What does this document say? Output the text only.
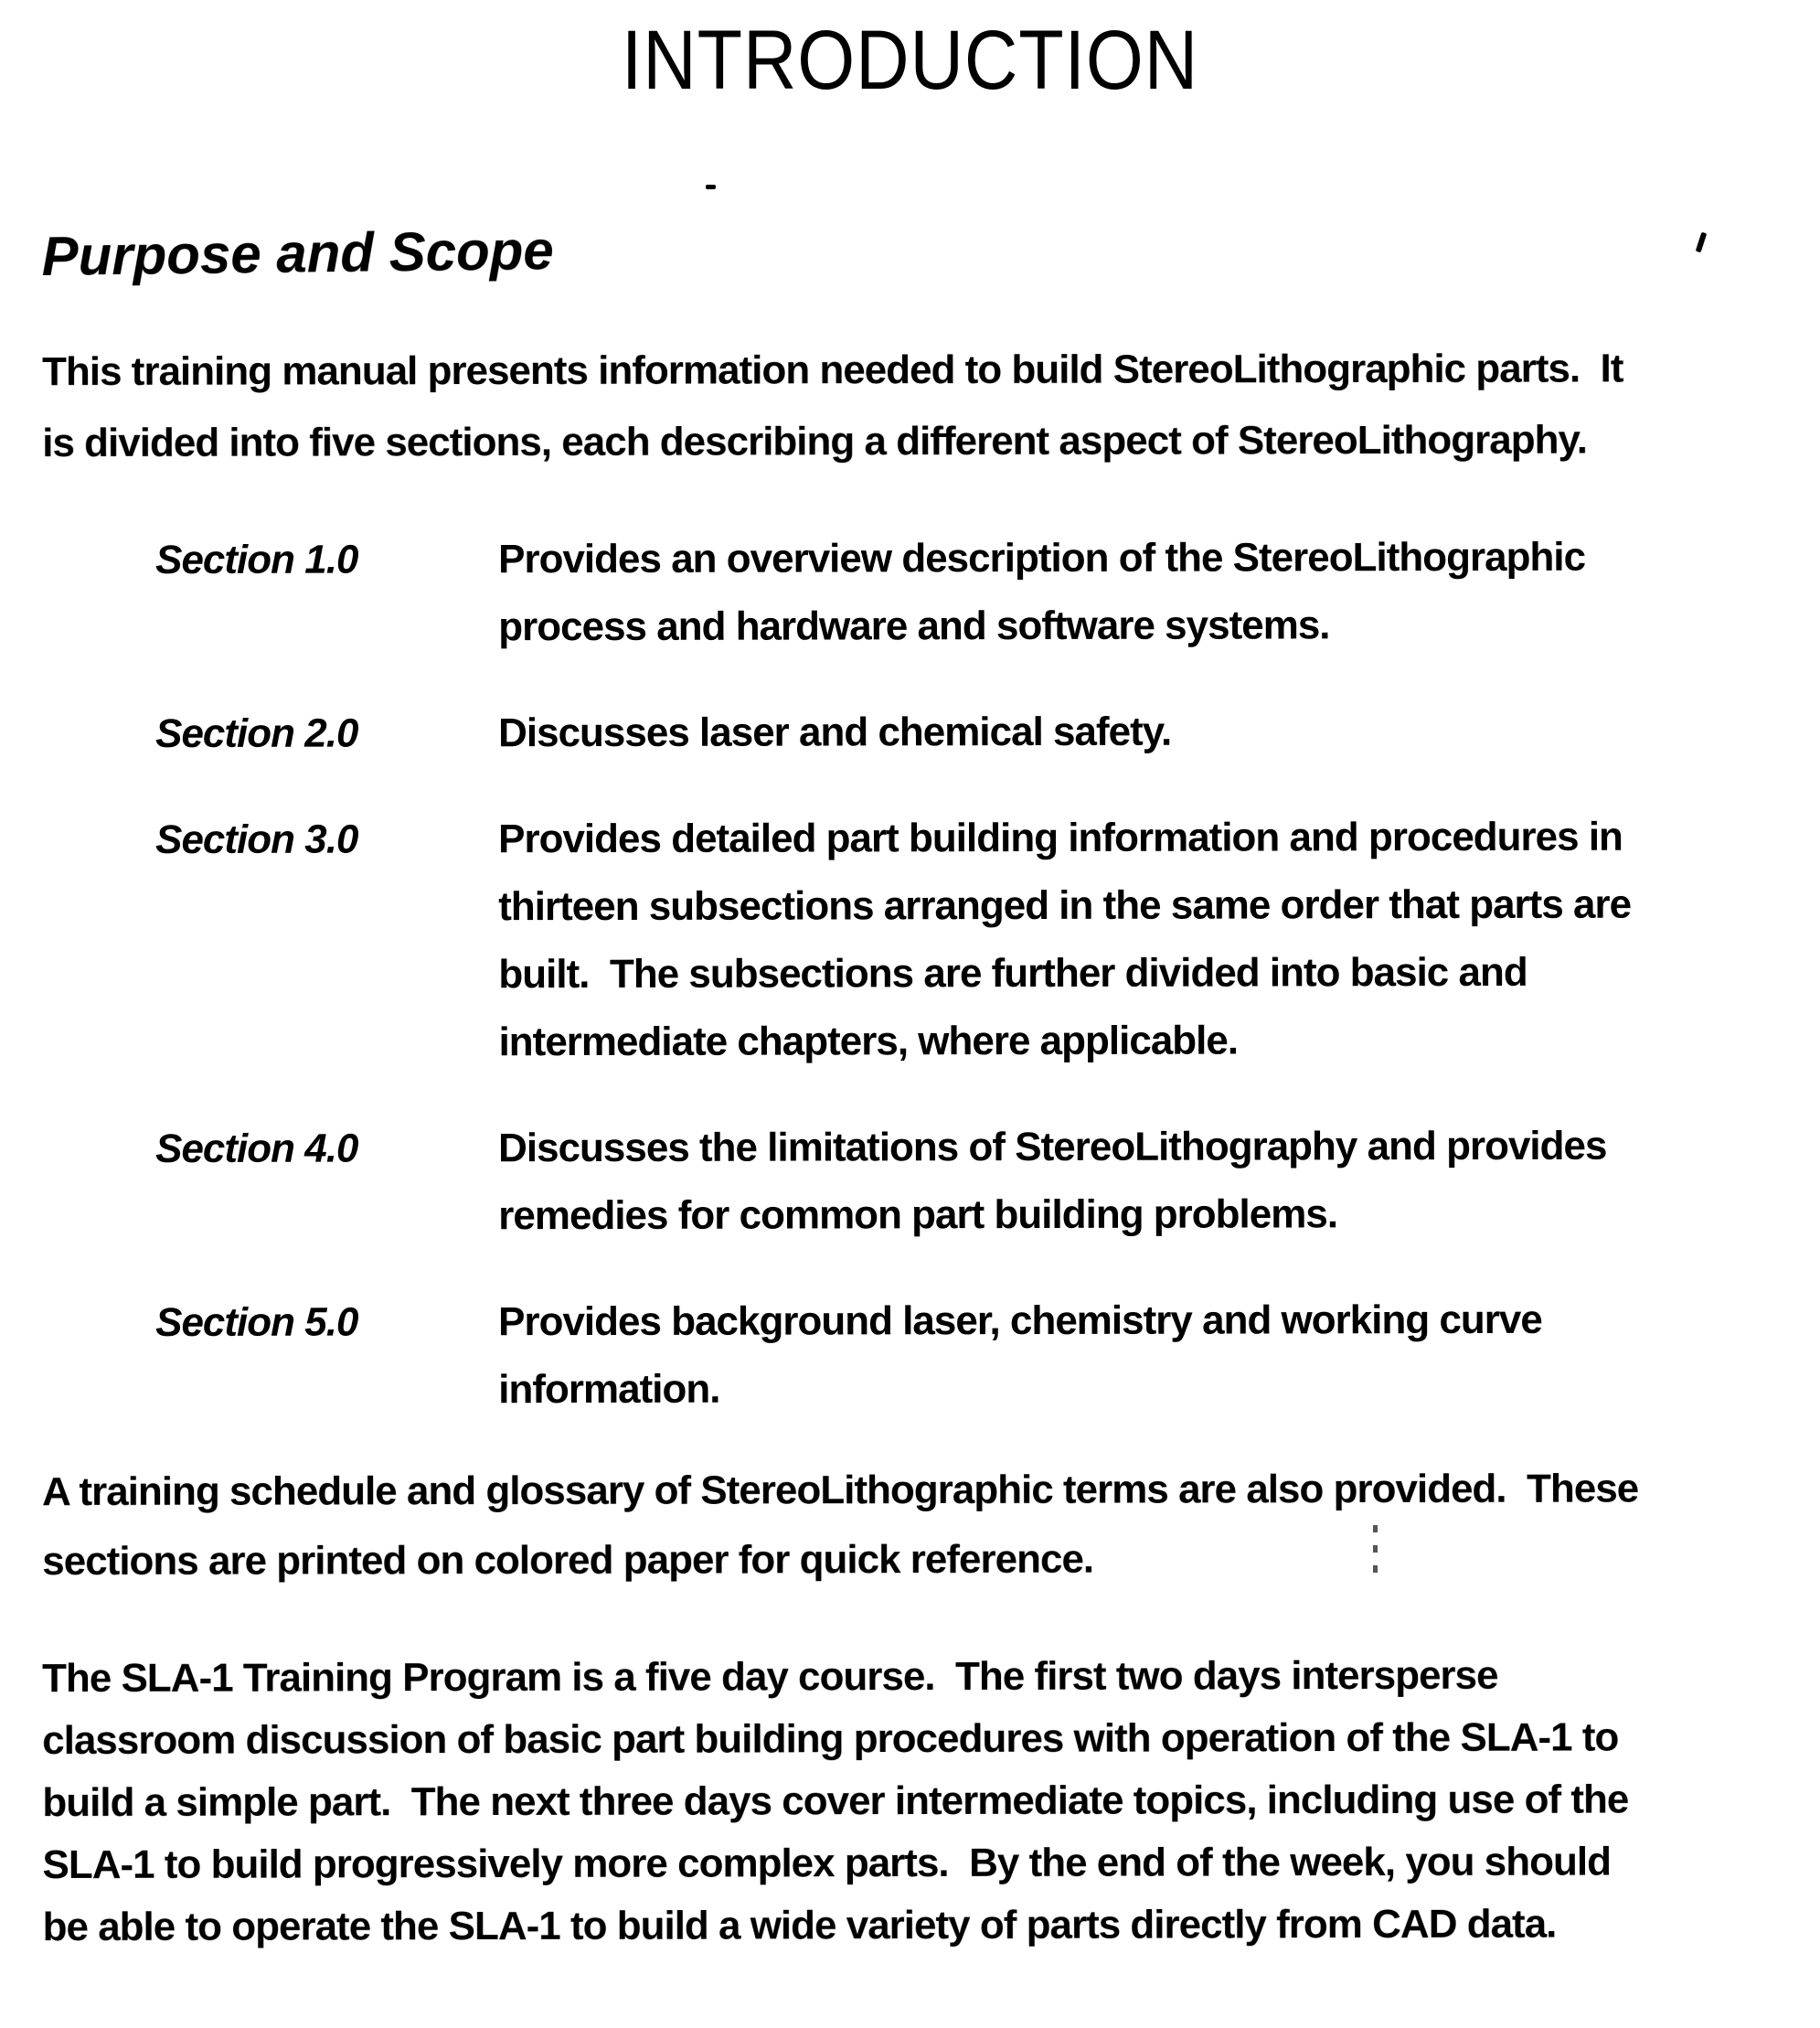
INTRODUCTION
Purpose and Scope
This training manual presents information needed to build StereoLithographic parts.  It
is divided into five sections, each describing a different aspect of StereoLithography.
Section 1.0	Provides an overview description of the StereoLithographic
process and hardware and software systems.
Section 2.0	Discusses laser and chemical safety.
Section 3.0	Provides detailed part building information and procedures in
thirteen subsections arranged in the same order that parts are
built.  The subsections are further divided into basic and
intermediate chapters, where applicable.
Section 4.0	Discusses the limitations of StereoLithography and provides
remedies for common part building problems.
Section 5.0	Provides background laser, chemistry and working curve
information.
A training schedule and glossary of StereoLithographic terms are also provided.  These
sections are printed on colored paper for quick reference.
The SLA-1 Training Program is a five day course.  The first two days intersperse
classroom discussion of basic part building procedures with operation of the SLA-1 to
build a simple part.  The next three days cover intermediate topics, including use of the
SLA-1 to build progressively more complex parts.  By the end of the week, you should
be able to operate the SLA-1 to build a wide variety of parts directly from CAD data.
